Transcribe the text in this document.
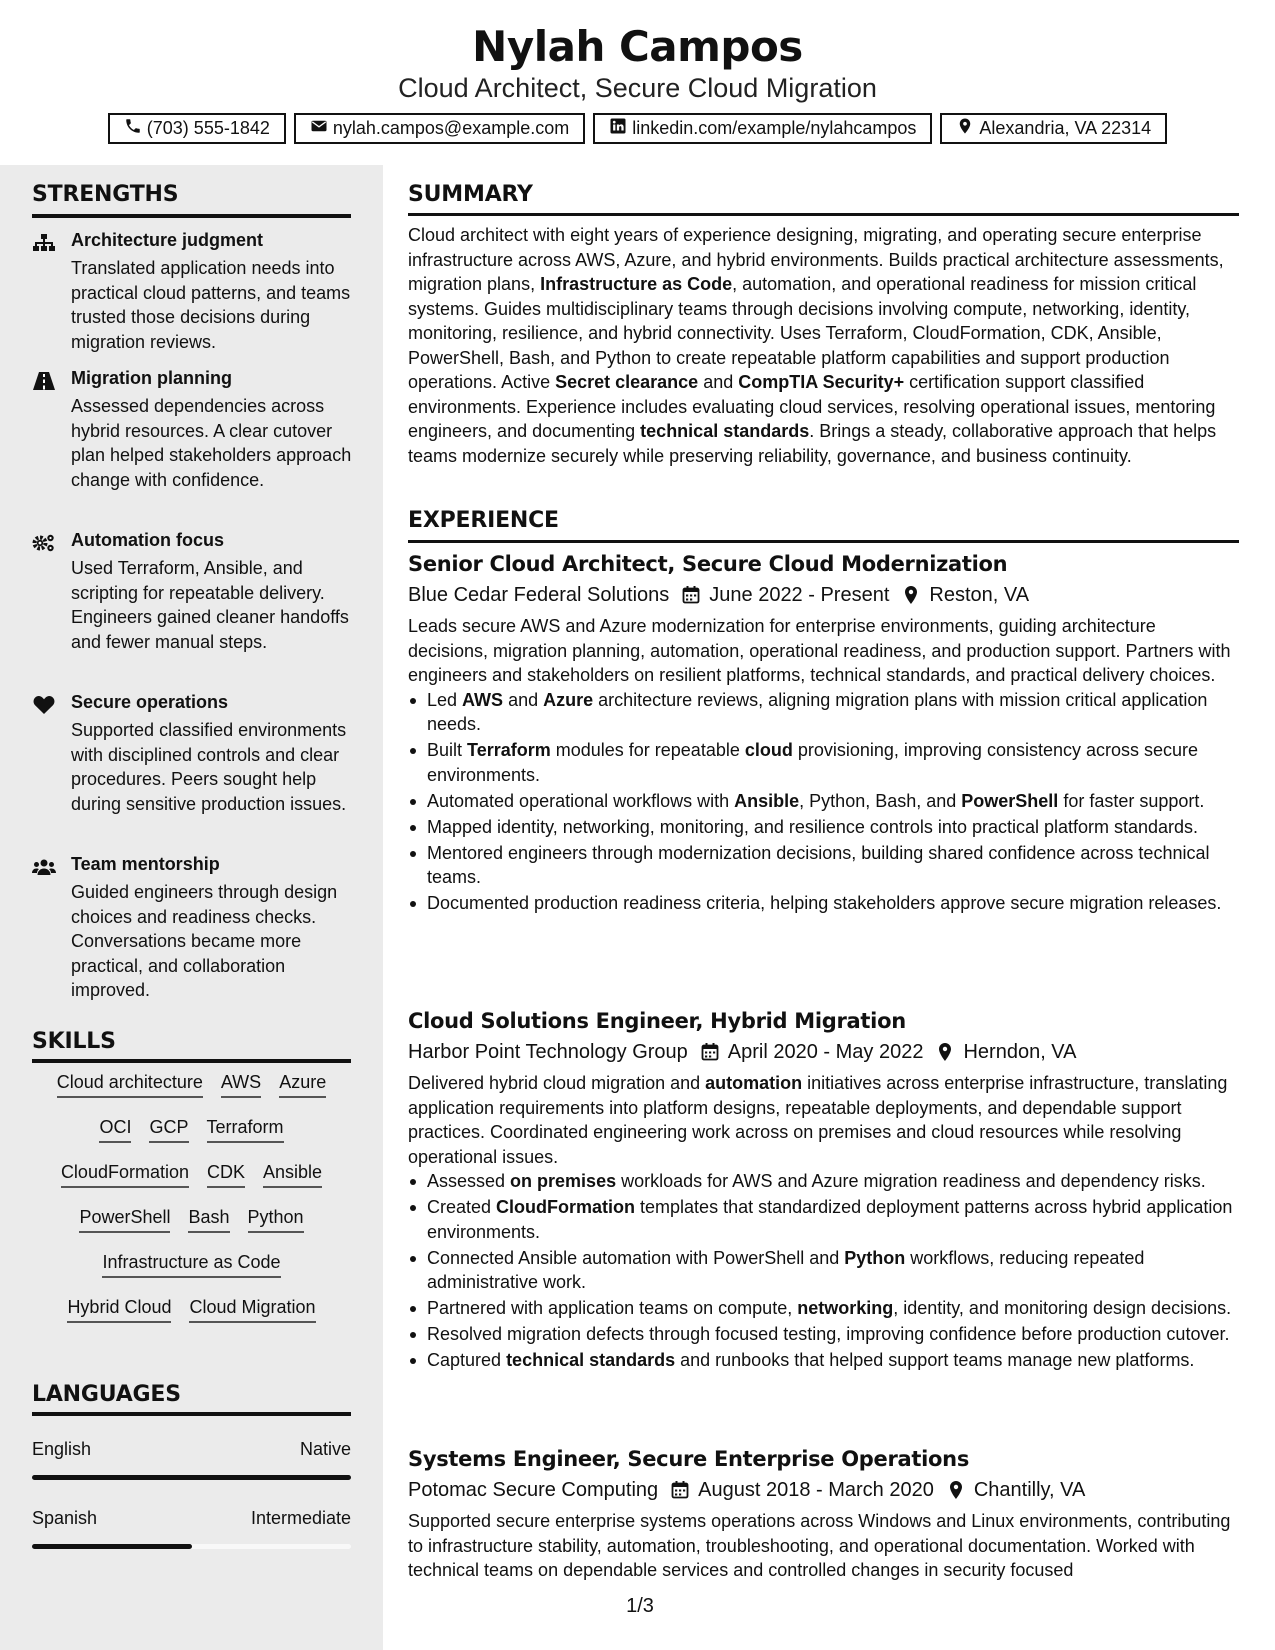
Nylah Campos
Cloud Architect, Secure Cloud Migration
(703) 555-1842	nylah.campos@example.com	linkedin.com/example/nylahcampos	Alexandria, VA 22314
STRENGTHS
Architecture judgment
Translated application needs into practical cloud patterns, and teams trusted those decisions during migration reviews.
Migration planning
Assessed dependencies across hybrid resources. A clear cutover plan helped stakeholders approach change with confidence.
Automation focus
Used Terraform, Ansible, and scripting for repeatable delivery. Engineers gained cleaner handoffs and fewer manual steps.
Secure operations
Supported classified environments with disciplined controls and clear procedures. Peers sought help during sensitive production issues.
Team mentorship
Guided engineers through design choices and readiness checks. Conversations became more practical, and collaboration improved.
SKILLS
Cloud architecture AWS Azure
OCI GCP Terraform
CloudFormation CDK Ansible
PowerShell Bash Python
Infrastructure as Code
Hybrid Cloud Cloud Migration
LANGUAGES
English	Native
Spanish	Intermediate
SUMMARY
Cloud architect with eight years of experience designing, migrating, and operating secure enterprise infrastructure across AWS, Azure, and hybrid environments. Builds practical architecture assessments, migration plans, Infrastructure as Code, automation, and operational readiness for mission critical systems. Guides multidisciplinary teams through decisions involving compute, networking, identity, monitoring, resilience, and hybrid connectivity. Uses Terraform, CloudFormation, CDK, Ansible, PowerShell, Bash, and Python to create repeatable platform capabilities and support production operations. Active Secret clearance and CompTIA Security+ certification support classified environments. Experience includes evaluating cloud services, resolving operational issues, mentoring engineers, and documenting technical standards. Brings a steady, collaborative approach that helps teams modernize securely while preserving reliability, governance, and business continuity.
EXPERIENCE
Senior Cloud Architect, Secure Cloud Modernization
Blue Cedar Federal Solutions June 2022 - Present Reston, VA
Leads secure AWS and Azure modernization for enterprise environments, guiding architecture decisions, migration planning, automation, operational readiness, and production support. Partners with engineers and stakeholders on resilient platforms, technical standards, and practical delivery choices.
Led AWS and Azure architecture reviews, aligning migration plans with mission critical application needs.
Built Terraform modules for repeatable cloud provisioning, improving consistency across secure environments.
Automated operational workflows with Ansible, Python, Bash, and PowerShell for faster support.
Mapped identity, networking, monitoring, and resilience controls into practical platform standards.
Mentored engineers through modernization decisions, building shared confidence across technical teams.
Documented production readiness criteria, helping stakeholders approve secure migration releases.
Cloud Solutions Engineer, Hybrid Migration
Harbor Point Technology Group April 2020 - May 2022 Herndon, VA
Delivered hybrid cloud migration and automation initiatives across enterprise infrastructure, translating application requirements into platform designs, repeatable deployments, and dependable support practices. Coordinated engineering work across on premises and cloud resources while resolving operational issues.
Assessed on premises workloads for AWS and Azure migration readiness and dependency risks.
Created CloudFormation templates that standardized deployment patterns across hybrid application environments.
Connected Ansible automation with PowerShell and Python workflows, reducing repeated administrative work.
Partnered with application teams on compute, networking, identity, and monitoring design decisions.
Resolved migration defects through focused testing, improving confidence before production cutover.
Captured technical standards and runbooks that helped support teams manage new platforms.
Systems Engineer, Secure Enterprise Operations
Potomac Secure Computing August 2018 - March 2020 Chantilly, VA
Supported secure enterprise systems operations across Windows and Linux environments, contributing to infrastructure stability, automation, troubleshooting, and operational documentation. Worked with technical teams on dependable services and controlled changes in security focused
1/3
